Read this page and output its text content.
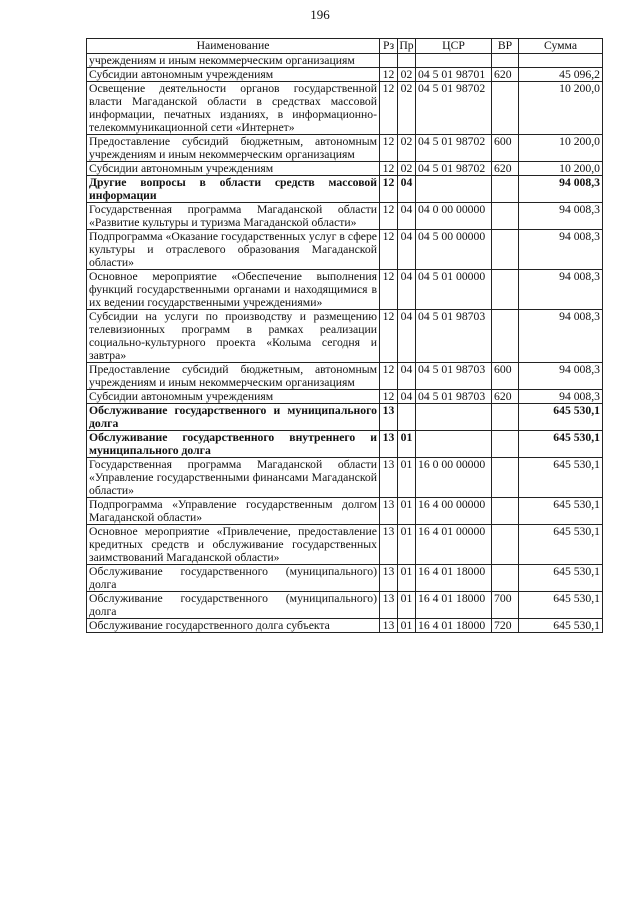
196
Наименование	Рз	Пр	ЦСР	ВР	Сумма
учреждениям и иным некоммерческим организациям					
Субсидии автономным учреждениям	12	02	04 5 01 98701	620	45 096,2
Освещение деятельности органов государственной власти Магаданской области в средствах массовой информации, печатных изданиях, в информационно-телекоммуникационной сети «Интернет»	12	02	04 5 01 98702		10 200,0
Предоставление субсидий бюджетным, автономным учреждениям и иным некоммерческим организациям	12	02	04 5 01 98702	600	10 200,0
Субсидии автономным учреждениям	12	02	04 5 01 98702	620	10 200,0
Другие вопросы в области средств массовой информации	12	04			94 008,3
Государственная программа Магаданской области «Развитие культуры и туризма Магаданской области»	12	04	04 0 00 00000		94 008,3
Подпрограмма «Оказание государственных услуг в сфере культуры и отраслевого образования Магаданской области»	12	04	04 5 00 00000		94 008,3
Основное мероприятие «Обеспечение выполнения функций государственными органами и находящимися в их ведении государственными учреждениями»	12	04	04 5 01 00000		94 008,3
Субсидии на услуги по производству и размещению телевизионных программ в рамках реализации социально-культурного проекта «Колыма сегодня и завтра»	12	04	04 5 01 98703		94 008,3
Предоставление субсидий бюджетным, автономным учреждениям и иным некоммерческим организациям	12	04	04 5 01 98703	600	94 008,3
Субсидии автономным учреждениям	12	04	04 5 01 98703	620	94 008,3
Обслуживание государственного и муниципального долга	13				645 530,1
Обслуживание государственного внутреннего и муниципального долга	13	01			645 530,1
Государственная программа Магаданской области «Управление государственными финансами Магаданской области»	13	01	16 0 00 00000		645 530,1
Подпрограмма «Управление государственным долгом Магаданской области»	13	01	16 4 00 00000		645 530,1
Основное мероприятие «Привлечение, предоставление кредитных средств и обслуживание государственных заимствований Магаданской области»	13	01	16 4 01 00000		645 530,1
Обслуживание государственного (муниципального) долга	13	01	16 4 01 18000		645 530,1
Обслуживание государственного (муниципального) долга	13	01	16 4 01 18000	700	645 530,1
Обслуживание государственного долга субъекта	13	01	16 4 01 18000	720	645 530,1
